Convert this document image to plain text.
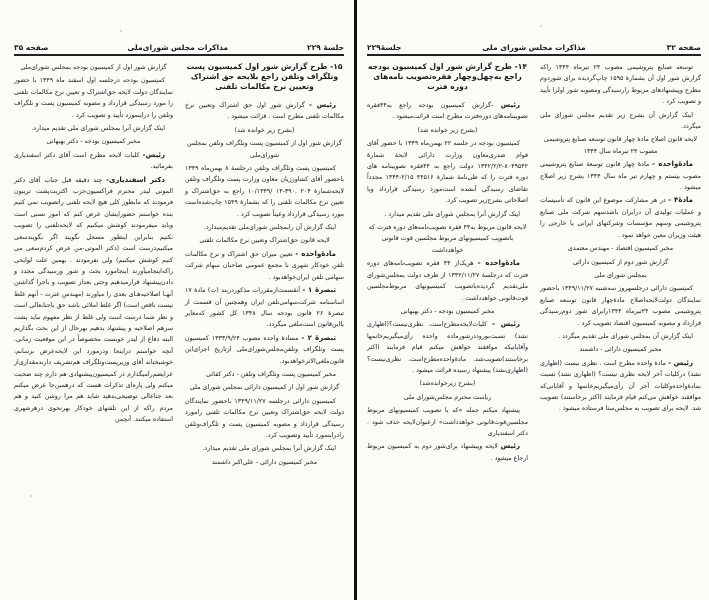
جلسهٔ ۲۲۹
مذاکرات مجلس شورای‌ملی
صفحه ۳۵

۱۵- طرح گزارش شور اول کمیسیون پست وتلگراف وتلفن راجع بلایحه حق اشتراک وتعیین نرخ مکالمات تلفنی

رئیس - گزارش شور اول حق اشتراک وتعیین نرخ مکالمات تلفنی مطرح است . قرائت میشود .

(بشرح زیر خوانده شد)

گزارش شور اول از کمیسیون پست وتلگراف وتلفن بمجلس شورای‌ملی

کمیسیون پست وتلگراف وتلفن درجلسهٔ ۸ بهمن‌ماه ۱۳۴۹ باحضور آقای کشاورزیان معاون وزارت پست وتلگراف وتلفن لایحه‌شمارهٔ ۲۰۴ .۳۹۰-۱۴ /۱۰/۱۳۴۹ راجع به حق‌اشتراک و تعیین نرخ مکالمات تلفنی را که بشمارهٔ ۱۵۴۹ چاپ‌شده‌است مورد رسیدگی قرارداد وعیناً تصویب کرد .

اینک گزارش آن رابمجلس شورای‌ملی تقدیم‌میدارد.

لایحه قانون حق‌اشتراک وتعیین نرخ مکالمات تلفنی

مادهٔ‌واحده - تعیین میزان حق اشتراک و نرخ مکالمات تلفن خودکار شهری با مجمع عمومی صاحبان سهام شرکت سهامی تلفن ایران‌خواهدبود .

تبصرهٔ ۱ - آنقسمت‌ازمقررات مذکوردربند (ت) مادهٔ ۱۷ اساسنامه شرکت‌سهامی‌تلفن ایران وهمچنین آن قسمت از تبصرهٔ ۲۶ قانون بودجه سال ۱۳۴۸ کل کشور که‌مغایر بااین‌قانون است‌ملغی میگردد.

تبصرهٔ ۲ - مسادهٔ واحده مصوب ۱۳۳۳/۹/۲۴ کمیسیون پست وتلگراف وتلفن‌مجلس‌شورای‌ملی ازتاریخ اجرای‌این قانون‌ملغی‌الاثرخواهدبود.

مخبر کمیسیون پست وتلگراف وتلفن‌ - دکتر کفائی

گزارش شور اول از کمیسیون دارائی بمجلس شورای ملی

کمیسیون دارائی درجلسه ۱۳۴۹/۱۱/۲۷ باحضور نمایندگان دولت لایحه حق‌اشتراک وتعیین نرخ مکالمات تلفنی رامورد رسیدگی قرارداد و مصوبه کمیسیون پست و تلگراف‌وتلفن رادراینمورد تأیید وتصویب کرد.

اینک گزارش آنرا بمجلس شورای ملی تقدیم میدارد.

مخبر کمیسیون دارائی - علی‌اکبر داشمند

گزارش شور اول از کمیسیون بودجه بمجلس شورای‌ملی

کمیسیون بودجه درجلسه اول اسفند ماه ۱۳۴۹ با حضور نمایندگان دولت لایحه حق‌اشتراک و تعیین نرخ مکالمات تلفنی را مورد رسیدگی قرارداد و مصوبه کمیسیون پست و تلگراف وتلفن را دراینمورد تأیید و تصویب کرد .

اینک گزارش آنرا بمجلس شورای ملی تقدیم میدارد.

مخبر کمیسیون بودجه - دکتر بهبهانی

رئیس- کلیات لایحه مطرح است آقای دکتر اسفندیاری بفرمائید.

دکتر اسفندیاری- چند دقیقه قبل جناب آقای دکتر الموتی لیدر محترم فراکسیون‌حزب اکثریت‌پشت تریبون فرمودند که مابطور کلی هیچ لایحه تلفنی راتصویب نمی کنیم بنده خواستم حضورایشان عرض کنم که امور نسبی است وباید میفرمودند کوشش میکنیم که لایحه‌تلفنی را تصویب نکنیم بنابراین اینطور مسجل نگویند اگر بگویند‌سعی میکنیم‌درست است (دکتر الموتی‌-من عرض کردم‌سعی می کنیم کوشش میکنیم) ولی نفرمودند . بهمین علت لوایحی راکه‌اینجامیآورند اینجامورد بحث و شور ورسیدگی مجدد و دادن‌پیشنهاد قرارمیدهیم وحتی بعداز تصویب و باجرا گذاشتن آنهـا اصلاحیه‌هـای بعدی را میاورند (مهندس عترت - آنهم غلط نیست ناقص است) اگر غلط املائی باشد حق باجنابعالی است و نظر شما درست است ولی غلط از نظر مفهوم نباید پشت سرهم اصلاحیه و پیشنهاد بدهیم بهرحال از این بحث بگذاریم البته دفاع از لیدر خوبست مخصوصاً در این موقعیت زمانی. آنچه خواستم دراینجا ودرمورد این لایحه‌عرض برسانم، خوشبختانه آقای وزیرپست‌وتلگراف هم‌تشریف دارند‌مقداری‌از عرایضم‌رامیگذارم در کمیسیون‌پیشنهادی هم دارم چند صحبت میکنم ولی پاره‌ای تذکرات هست که درهمین‌جا عرض میکنم بعد جناعالی توضیحی‌بدهید شاید هم مرا روشن کنید و هم مردم راکه از این تلفنهای خودکار بهرنحوی درهرشهری استفاده میکنند. آنچمن

صفحه ۳۲
مذاکرات مجلس شورای ملی
جلسهٔ۲۲۹

توسعه صنایع پتروشیمی مصوب ۲۴ تیرماه ۱۳۴۴ راکه گزارش شور اول آن بشمارهٔ ۱۵۹۵ چاپ‌گردیده برای شوردوم مطرح وپیشنهادهای مربوط رارسیدگی ومصوبه شور اولرا تأیید و تصویب کرد .

اینک گزارش آن بشرح زیر تقدیم مجلس شورای ملی میگردد.

لایحه قانون اصلاح مادهٔ چهار قانون توسعه صنایع پتروشیمی مصوب ۲۴ تیرماه سال ۱۳۴۴

مادهٔ‌واحده - مادهٔ چهار قانون توسعهٔ صنایع پتروشیمی مصوب بیستم و چهارم تیر ماه سال ۱۳۴۴ بشرح زیر اصلاح میشود .

مادهٔ۴ - در هر مشارکت موضوع این قانون که تأسیسات و عملیات تولیدی آن درایران باشدسهم شرکت ملی صنایع پتروشیمی وسهم مؤسسات وشرکتهای ایرانی یا خارجی را هیئت وزیران معین خواهد نمود .

مخبر کمیسیون اقتصاد - مهندس معتمدی

گزارش شور دوم از کمیسیون دارائی

بمجلس شورای ملی

کمیسیون دارائی درجلسهروز سه‌شنبه ۱۳۴۹/۱۱/۲۷ باحضور نمایندگان دولت‌لایحه‌اصلاح مادهٔ‌چهار قانون توسعه صنایع پتروشیمی مصوب ۲۴تیرماه ۱۳۴۴رابرای شور دوم‌رسیدگی قرارداد و مصوبه کمیسیون اقتصاد تصویب کرد .

اینک گزارش آن بمجلس شورای ملی تقدیم میگردد .

مخبر کمیسیون دارائی - داشمند

رئیس - مادهٔ واحده مطرح است . نظری نیست (اظهاری نشد) درکلیات آخر لایحه نظری نیست؟ (اظهاری نشد) نسبت بمادهٔ‌واحده‌وکلیات آخر آن رأی‌میگیریم‌خانمها و آقایانی‌که موافقند خواهش می‌کنم قیام فرمایند (اکثر برخاستند) تصویب شد. لایحه برای تصویب به مجلس‌سنا فرستاده میشود .

۱۴- طرح گزارش شور اول کمیسیون بودجه راجع به‌چهل‌وچهار فقره‌تصویب نامه‌های دوره فترت

رئیس -گزارش کمیسیون بودجه راجع به‌۴۴فقره تصویبنامه‌های دوره‌فترت مطرح است قرائت‌میشود .

(بشرح زیر خوانده شد)

کمیسیون بودجه در جلسه ۲۲ بهمن‌ماه ۱۳۴۹ با حضور آقای قوام صدری‌معاون وزارت دارائی لایحهٔ شمارهٔ ۸۰۴۹۵۴۲-۱۳۴۲/۲/۲ دولت راجع به ۴۴فقره تصویبنامه های دوره فترت را که طی‌نامهٔ شمارهٔ ۴۴۵۱۶ ۲/۱۵-۱۳۴۴ مجدداً تقاضای رسیدگی آنشده است‌مورد رسیدگی قرارداد وبا اصلاحاتی بشرح‌زیر تصویب کرد.

اینک گزارش آنرا بمجلس شورای ملی تقدیم میدارد .

لایحه قانون مربوط به۴۴ فقره تصویب‌نامه‌های دوره فترت که باتصویب کمیسیونهای مربوط مجلسین قوت قانونی خواهدداشت

مادهٔ‌واحده - هریک‌از ۴۴ فقره تصویب‌نامه‌های دوره فترت که درجلسهٔ ۱۳۴۲/۱۱/۲۷ از طرف دولت بمجلس‌شورای ملی‌تقدیم گردیده‌باتصویب کمیسیونهای مربوط‌مجلسین قوت‌قانونی خواهدداشت .

مخبر کمیسیون بودجه - دکتر بهبهانی

رئیس - کلیات‌لایحه‌مطرح‌است. نظری‌نیست؟(اظهاری نشد) نسبت‌بورود‌درشورماده واحده رأی‌میگیریم‌خانمها وآقایانیکه موافقند خواهش میکنم قیام فرمایند (اکثر برخاستند)تصویب‌شد. مادهٔ‌واحده‌مطرح‌است. نظری‌نیست؟ (اظهاری‌نشد) پیشنهاد رسیده قرائت میشود .

(بشرح زیرخوانده‌شد)

ریاست محترم مجلس‌شورای ملی

پیشنهاد میکنم جمله «که با تصویب کمیسیونهای مربوط مجلسین‌قوت‌قانونی خواهدداشت» ازعنوان‌لایحه حذف شود . دکتر اسفندیاری

رئیس لایحه وپیشنهاد برای‌شور دوم به کمیسیون مربوط ارجاع میشود .
